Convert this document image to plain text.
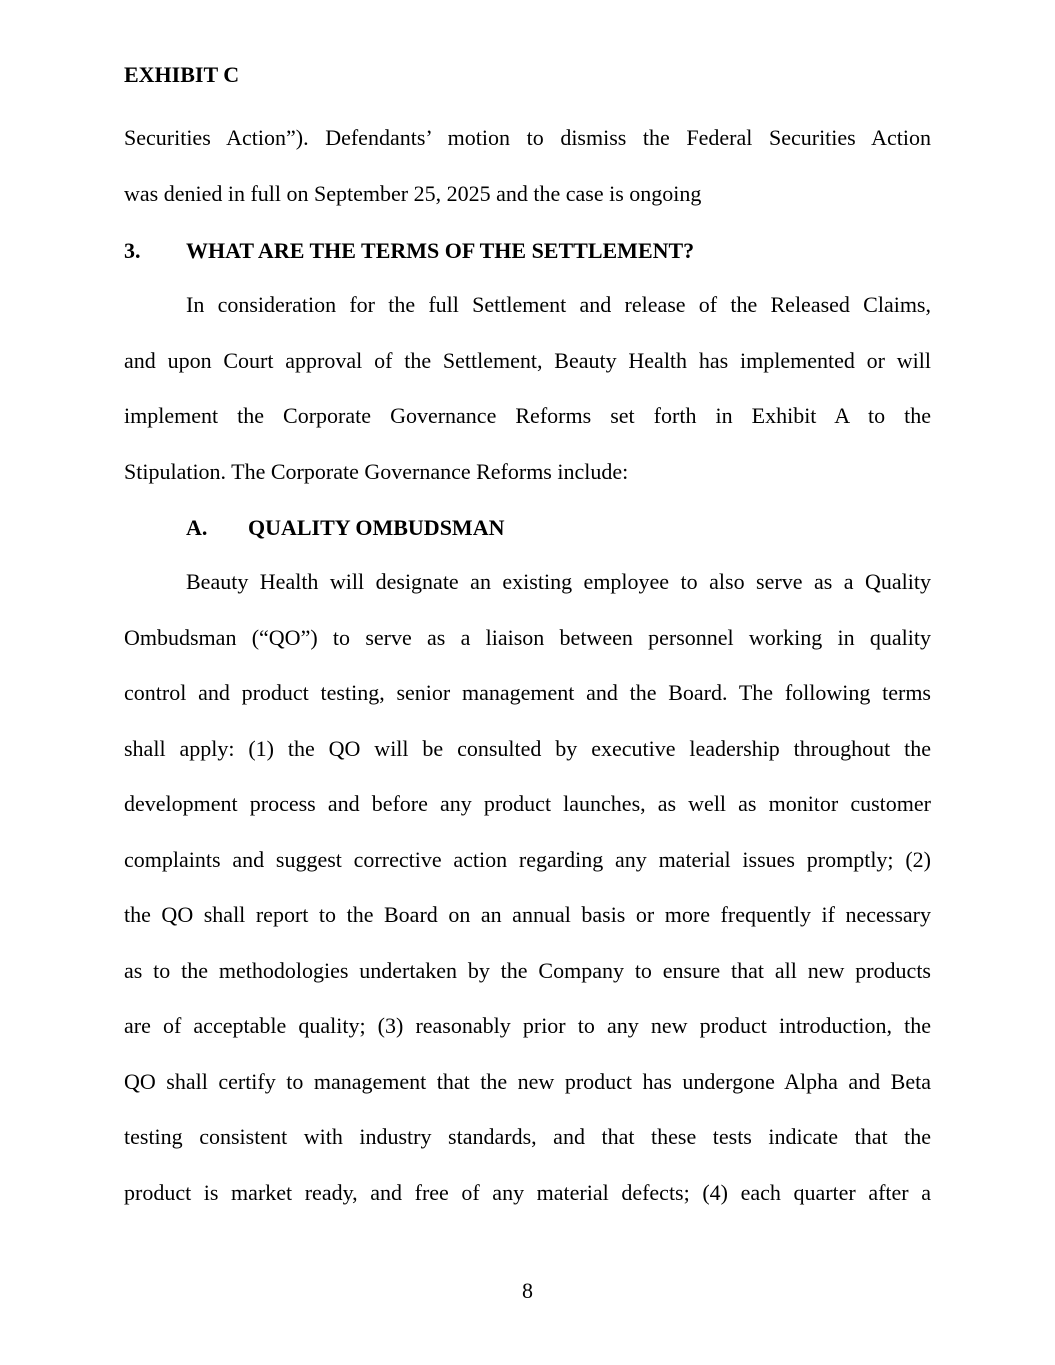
EXHIBIT C
Securities Action”). Defendants’ motion to dismiss the Federal Securities Action
was denied in full on September 25, 2025 and the case is ongoing
3. WHAT ARE THE TERMS OF THE SETTLEMENT?
In consideration for the full Settlement and release of the Released Claims,
and upon Court approval of the Settlement, Beauty Health has implemented or will
implement the Corporate Governance Reforms set forth in Exhibit A to the
Stipulation. The Corporate Governance Reforms include:
A. QUALITY OMBUDSMAN
Beauty Health will designate an existing employee to also serve as a Quality
Ombudsman (“QO”) to serve as a liaison between personnel working in quality
control and product testing, senior management and the Board. The following terms
shall apply: (1) the QO will be consulted by executive leadership throughout the
development process and before any product launches, as well as monitor customer
complaints and suggest corrective action regarding any material issues promptly; (2)
the QO shall report to the Board on an annual basis or more frequently if necessary
as to the methodologies undertaken by the Company to ensure that all new products
are of acceptable quality; (3) reasonably prior to any new product introduction, the
QO shall certify to management that the new product has undergone Alpha and Beta
testing consistent with industry standards, and that these tests indicate that the
product is market ready, and free of any material defects; (4) each quarter after a
8
